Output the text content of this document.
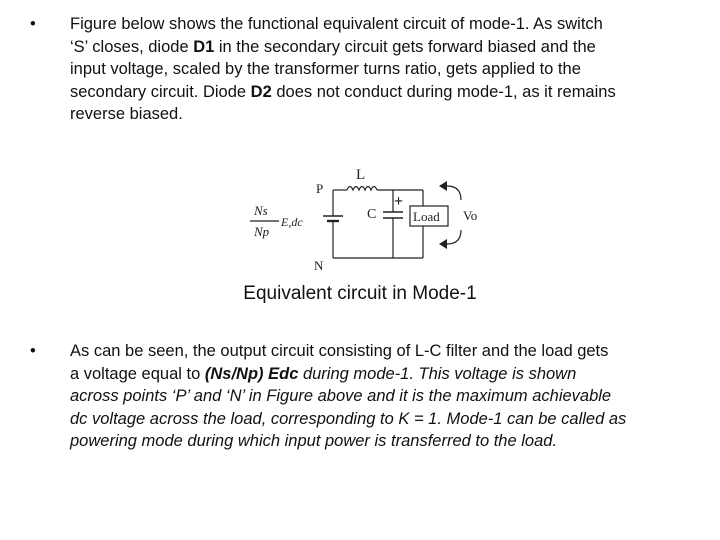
•	Figure below shows the functional equivalent circuit of mode-1. As switch
‘S’ closes, diode D1 in the secondary circuit gets forward biased and the
input voltage, scaled by the transformer turns ratio, gets applied to the
secondary circuit. Diode D2 does not conduct during mode-1, as it remains
reverse biased.
L
P
N
C
+
Load Vo
Ns
Np
E,dc
Equivalent circuit in Mode-1
•	As can be seen, the output circuit consisting of L-C filter and the load gets
a voltage equal to (Ns/Np) Edc during mode-1. This voltage is shown
across points ‘P’ and ‘N’ in Figure above and it is the maximum achievable
dc voltage across the load, corresponding to K = 1. Mode-1 can be called as
powering mode during which input power is transferred to the load.
